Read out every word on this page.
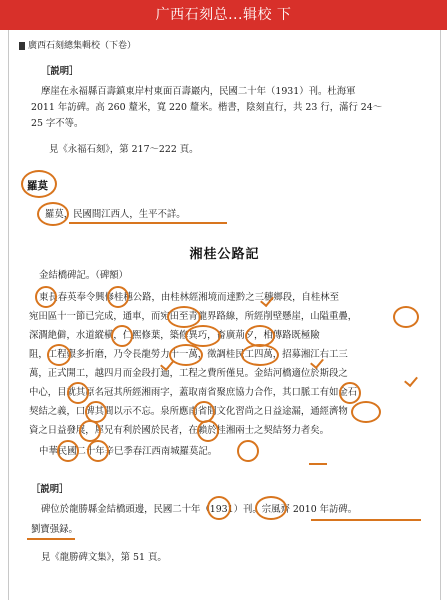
广西石刻总...辑校 下
廣西石刻總集輯校（下卷）
［説明］
摩崖在永福縣百壽鎮東岸村東面百壽巖内，民國二十年（1931）刊。杜海軍
2011 年訪碑。高 260 釐米，寬 220 釐米。楷書，陰刻直行，共 23 行，滿行 24～
25 字不等。
見《永福石刻》，第 217～222 頁。
羅莫
羅莫，民國間江西人，生平不詳。
湘桂公路記
金結橋碑記。（碑額）
東長春英奉令興修桂穗公路，由桂林經湘境而達黔之三穗鄉段，自桂林至
宛田區十一節已完成，通車，而宛田至青龍界路線，所經削壁懸崖，山隘重疊，
深澗絶僻，水道縱橫，仁熙修葉，築修異巧，畜廣荊夕，相傳路既極險
阻，工程艱多折磨，乃令長龍勞力十一萬，徵調桂民工四萬，招募湘江右工三
萬，正式開工，越四月而金段打通，工程之費所僅見。金結河橋適位於斯段之
中心，目就其原名冠其所經湘雨字，蓋取南省聚庶協力合作，其口脈工有如金石
契結之義，口碑其間以示不忘。泉所應南省間文化習尚之日益途漏，通經濟物
資之日益發展，犀兄有利於國於民者，在賴於桂湘兩士之契結努力者矣。
中華民國二十年辛巳季春江西南城羅莫記。
［説明］
碑位於龍勝縣金結橋頭邊，民國二十年（1931）刊。宗風齊 2010 年訪碑。
劉寶强録。
見《龍勝碑文集》，第 51 頁。
